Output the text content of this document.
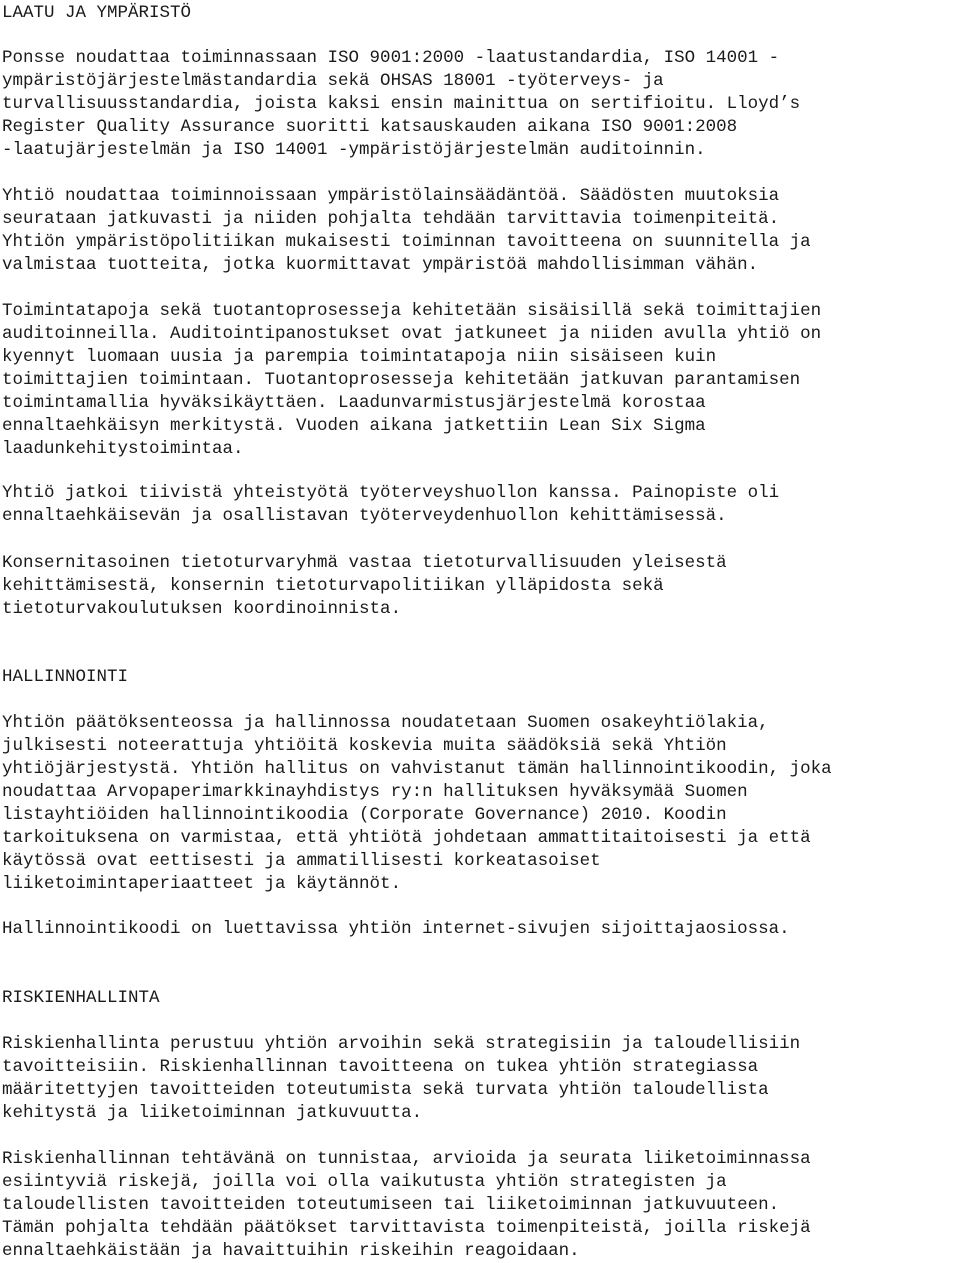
LAATU JA YMPÄRISTÖ
Ponsse noudattaa toiminnassaan ISO 9001:2000 -laatustandardia, ISO 14001 -
ympäristöjärjestelmästandardia sekä OHSAS 18001 -työterveys- ja
turvallisuusstandardia, joista kaksi ensin mainittua on sertifioitu. Lloyd’s
Register Quality Assurance suoritti katsauskauden aikana ISO 9001:2008
-laatujärjestelmän ja ISO 14001 -ympäristöjärjestelmän auditoinnin.
Yhtiö noudattaa toiminnoissaan ympäristölainsäädäntöä. Säädösten muutoksia
seurataan jatkuvasti ja niiden pohjalta tehdään tarvittavia toimenpiteitä.
Yhtiön ympäristöpolitiikan mukaisesti toiminnan tavoitteena on suunnitella ja
valmistaa tuotteita, jotka kuormittavat ympäristöä mahdollisimman vähän.
Toimintatapoja sekä tuotantoprosesseja kehitetään sisäisillä sekä toimittajien
auditoinneilla. Auditointipanostukset ovat jatkuneet ja niiden avulla yhtiö on
kyennyt luomaan uusia ja parempia toimintatapoja niin sisäiseen kuin
toimittajien toimintaan. Tuotantoprosesseja kehitetään jatkuvan parantamisen
toimintamallia hyväksikäyttäen. Laadunvarmistusjärjestelmä korostaa
ennaltaehkäisyn merkitystä. Vuoden aikana jatkettiin Lean Six Sigma
laadunkehitystoimintaa.
Yhtiö jatkoi tiivistä yhteistyötä työterveyshuollon kanssa. Painopiste oli
ennaltaehkäisevän ja osallistavan työterveydenhuollon kehittämisessä.
Konsernitasoinen tietoturvaryhmä vastaa tietoturvallisuuden yleisestä
kehittämisestä, konsernin tietoturvapolitiikan ylläpidosta sekä
tietoturvakoulutuksen koordinoinnista.
HALLINNOINTI
Yhtiön päätöksenteossa ja hallinnossa noudatetaan Suomen osakeyhtiölakia,
julkisesti noteerattuja yhtiöitä koskevia muita säädöksiä sekä Yhtiön
yhtiöjärjestystä. Yhtiön hallitus on vahvistanut tämän hallinnointikoodin, joka
noudattaa Arvopaperimarkkinayhdistys ry:n hallituksen hyväksymää Suomen
listayhtiöiden hallinnointikoodia (Corporate Governance) 2010. Koodin
tarkoituksena on varmistaa, että yhtiötä johdetaan ammattitaitoisesti ja että
käytössä ovat eettisesti ja ammatillisesti korkeatasoiset
liiketoimintaperiaatteet ja käytännöt.
Hallinnointikoodi on luettavissa yhtiön internet-sivujen sijoittajaosiossa.
RISKIENHALLINTA
Riskienhallinta perustuu yhtiön arvoihin sekä strategisiin ja taloudellisiin
tavoitteisiin. Riskienhallinnan tavoitteena on tukea yhtiön strategiassa
määritettyjen tavoitteiden toteutumista sekä turvata yhtiön taloudellista
kehitystä ja liiketoiminnan jatkuvuutta.
Riskienhallinnan tehtävänä on tunnistaa, arvioida ja seurata liiketoiminnassa
esiintyviä riskejä, joilla voi olla vaikutusta yhtiön strategisten ja
taloudellisten tavoitteiden toteutumiseen tai liiketoiminnan jatkuvuuteen.
Tämän pohjalta tehdään päätökset tarvittavista toimenpiteistä, joilla riskejä
ennaltaehkäistään ja havaittuihin riskeihin reagoidaan.
